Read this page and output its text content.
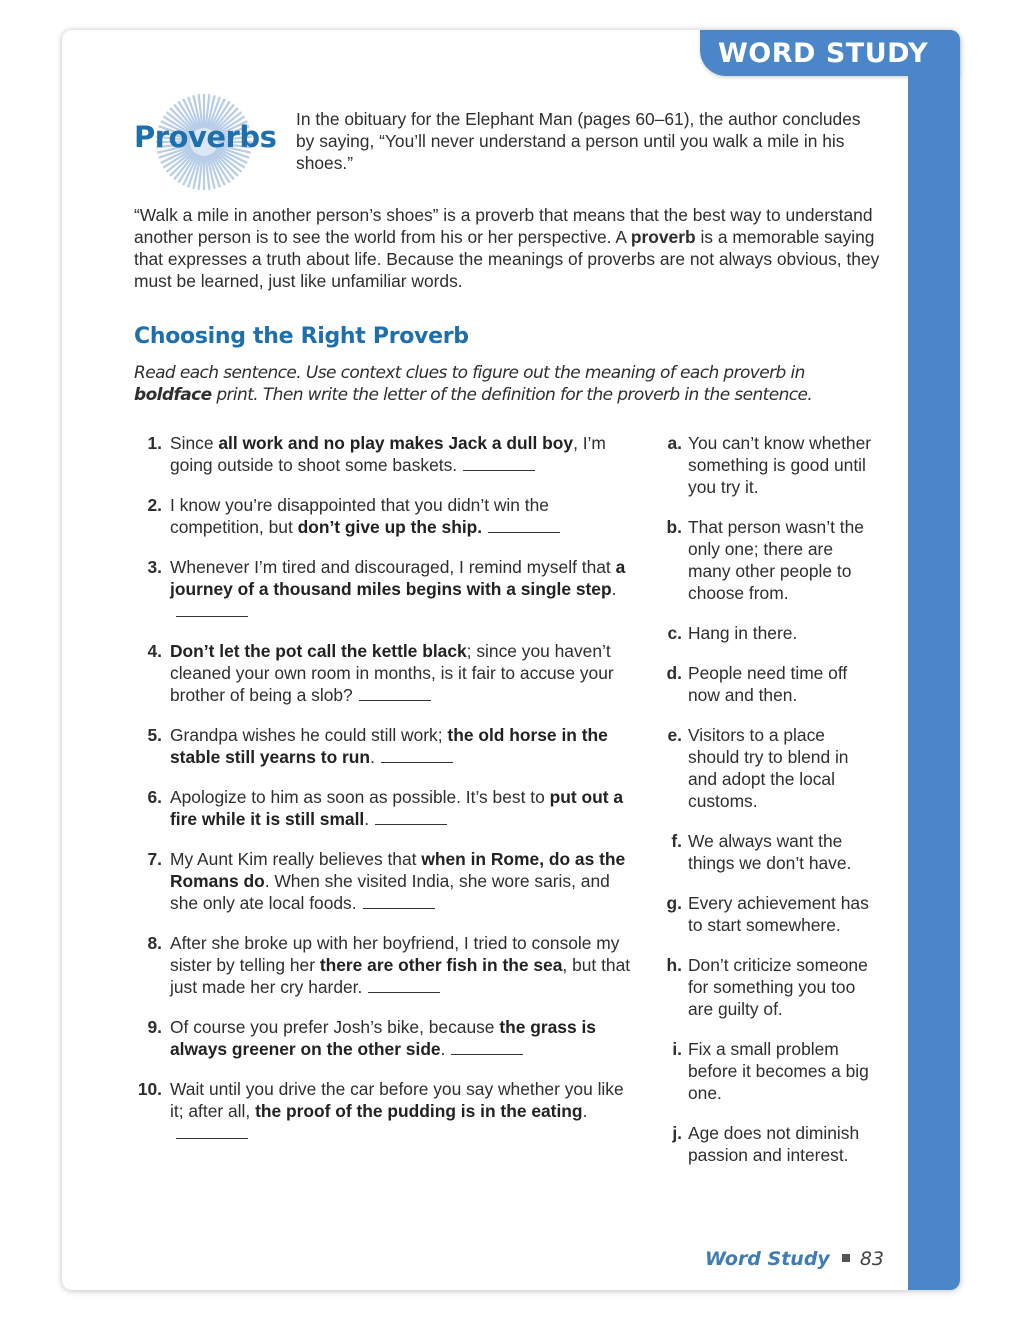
WORD STUDY
Proverbs
In the obituary for the Elephant Man (pages 60–61), the author concludes by saying, “You’ll never understand a person until you walk a mile in his shoes.”
“Walk a mile in another person’s shoes” is a proverb that means that the best way to understand another person is to see the world from his or her perspective. A proverb is a memorable saying that expresses a truth about life. Because the meanings of proverbs are not always obvious, they must be learned, just like unfamiliar words.
Choosing the Right Proverb
Read each sentence. Use context clues to figure out the meaning of each proverb in boldface print. Then write the letter of the definition for the proverb in the sentence.
1. Since all work and no play makes Jack a dull boy, I’m going outside to shoot some baskets.
2. I know you’re disappointed that you didn’t win the competition, but don’t give up the ship.
3. Whenever I’m tired and discouraged, I remind myself that a journey of a thousand miles begins with a single step.
4. Don’t let the pot call the kettle black; since you haven’t cleaned your own room in months, is it fair to accuse your brother of being a slob?
5. Grandpa wishes he could still work; the old horse in the stable still yearns to run.
6. Apologize to him as soon as possible. It’s best to put out a fire while it is still small.
7. My Aunt Kim really believes that when in Rome, do as the Romans do. When she visited India, she wore saris, and she only ate local foods.
8. After she broke up with her boyfriend, I tried to console my sister by telling her there are other fish in the sea, but that just made her cry harder.
9. Of course you prefer Josh’s bike, because the grass is always greener on the other side.
10. Wait until you drive the car before you say whether you like it; after all, the proof of the pudding is in the eating.
a. You can’t know whether something is good until you try it.
b. That person wasn’t the only one; there are many other people to choose from.
c. Hang in there.
d. People need time off now and then.
e. Visitors to a place should try to blend in and adopt the local customs.
f. We always want the things we don’t have.
g. Every achievement has to start somewhere.
h. Don’t criticize someone for something you too are guilty of.
i. Fix a small problem before it becomes a big one.
j. Age does not diminish passion and interest.
Word Study 83
